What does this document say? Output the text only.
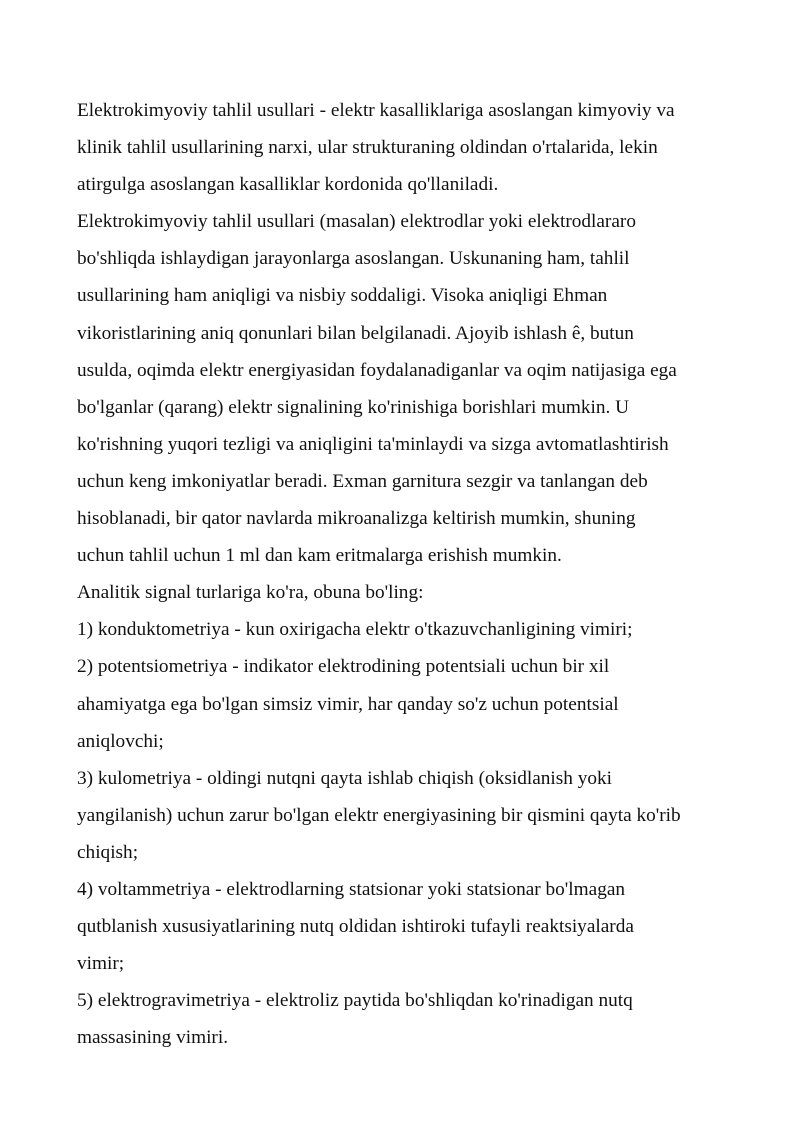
Elektrokimyoviy tahlil usullari - elektr kasalliklariga asoslangan kimyoviy va
klinik tahlil usullarining narxi, ular strukturaning oldindan o'rtalarida, lekin
atirgulga asoslangan kasalliklar kordonida qo'llaniladi.

Elektrokimyoviy tahlil usullari (masalan) elektrodlar yoki elektrodlararo
bo'shliqda ishlaydigan jarayonlarga asoslangan. Uskunaning ham, tahlil
usullarining ham aniqligi va nisbiy soddaligi. Visoka aniqligi Ehman
vikoristlarining aniq qonunlari bilan belgilanadi. Ajoyib ishlash ê, butun
usulda, oqimda elektr energiyasidan foydalanadiganlar va oqim natijasiga ega
bo'lganlar (qarang) elektr signalining ko'rinishiga borishlari mumkin. U
ko'rishning yuqori tezligi va aniqligini ta'minlaydi va sizga avtomatlashtirish
uchun keng imkoniyatlar beradi. Exman garnitura sezgir va tanlangan deb
hisoblanadi, bir qator navlarda mikroanalizga keltirish mumkin, shuning
uchun tahlil uchun 1 ml dan kam eritmalarga erishish mumkin.

Analitik signal turlariga ko'ra, obuna bo'ling:

1) konduktometriya - kun oxirigacha elektr o'tkazuvchanligining vimiri;

2) potentsiometriya - indikator elektrodining potentsiali uchun bir xil
ahamiyatga ega bo'lgan simsiz vimir, har qanday so'z uchun potentsial
aniqlovchi;

3) kulometriya - oldingi nutqni qayta ishlab chiqish (oksidlanish yoki
yangilanish) uchun zarur bo'lgan elektr energiyasining bir qismini qayta ko'rib
chiqish;

4) voltammetriya - elektrodlarning statsionar yoki statsionar bo'lmagan
qutblanish xususiyatlarining nutq oldidan ishtiroki tufayli reaktsiyalarda
vimir;

5) elektrogravimetriya - elektroliz paytida bo'shliqdan ko'rinadigan nutq
massasining vimiri.
